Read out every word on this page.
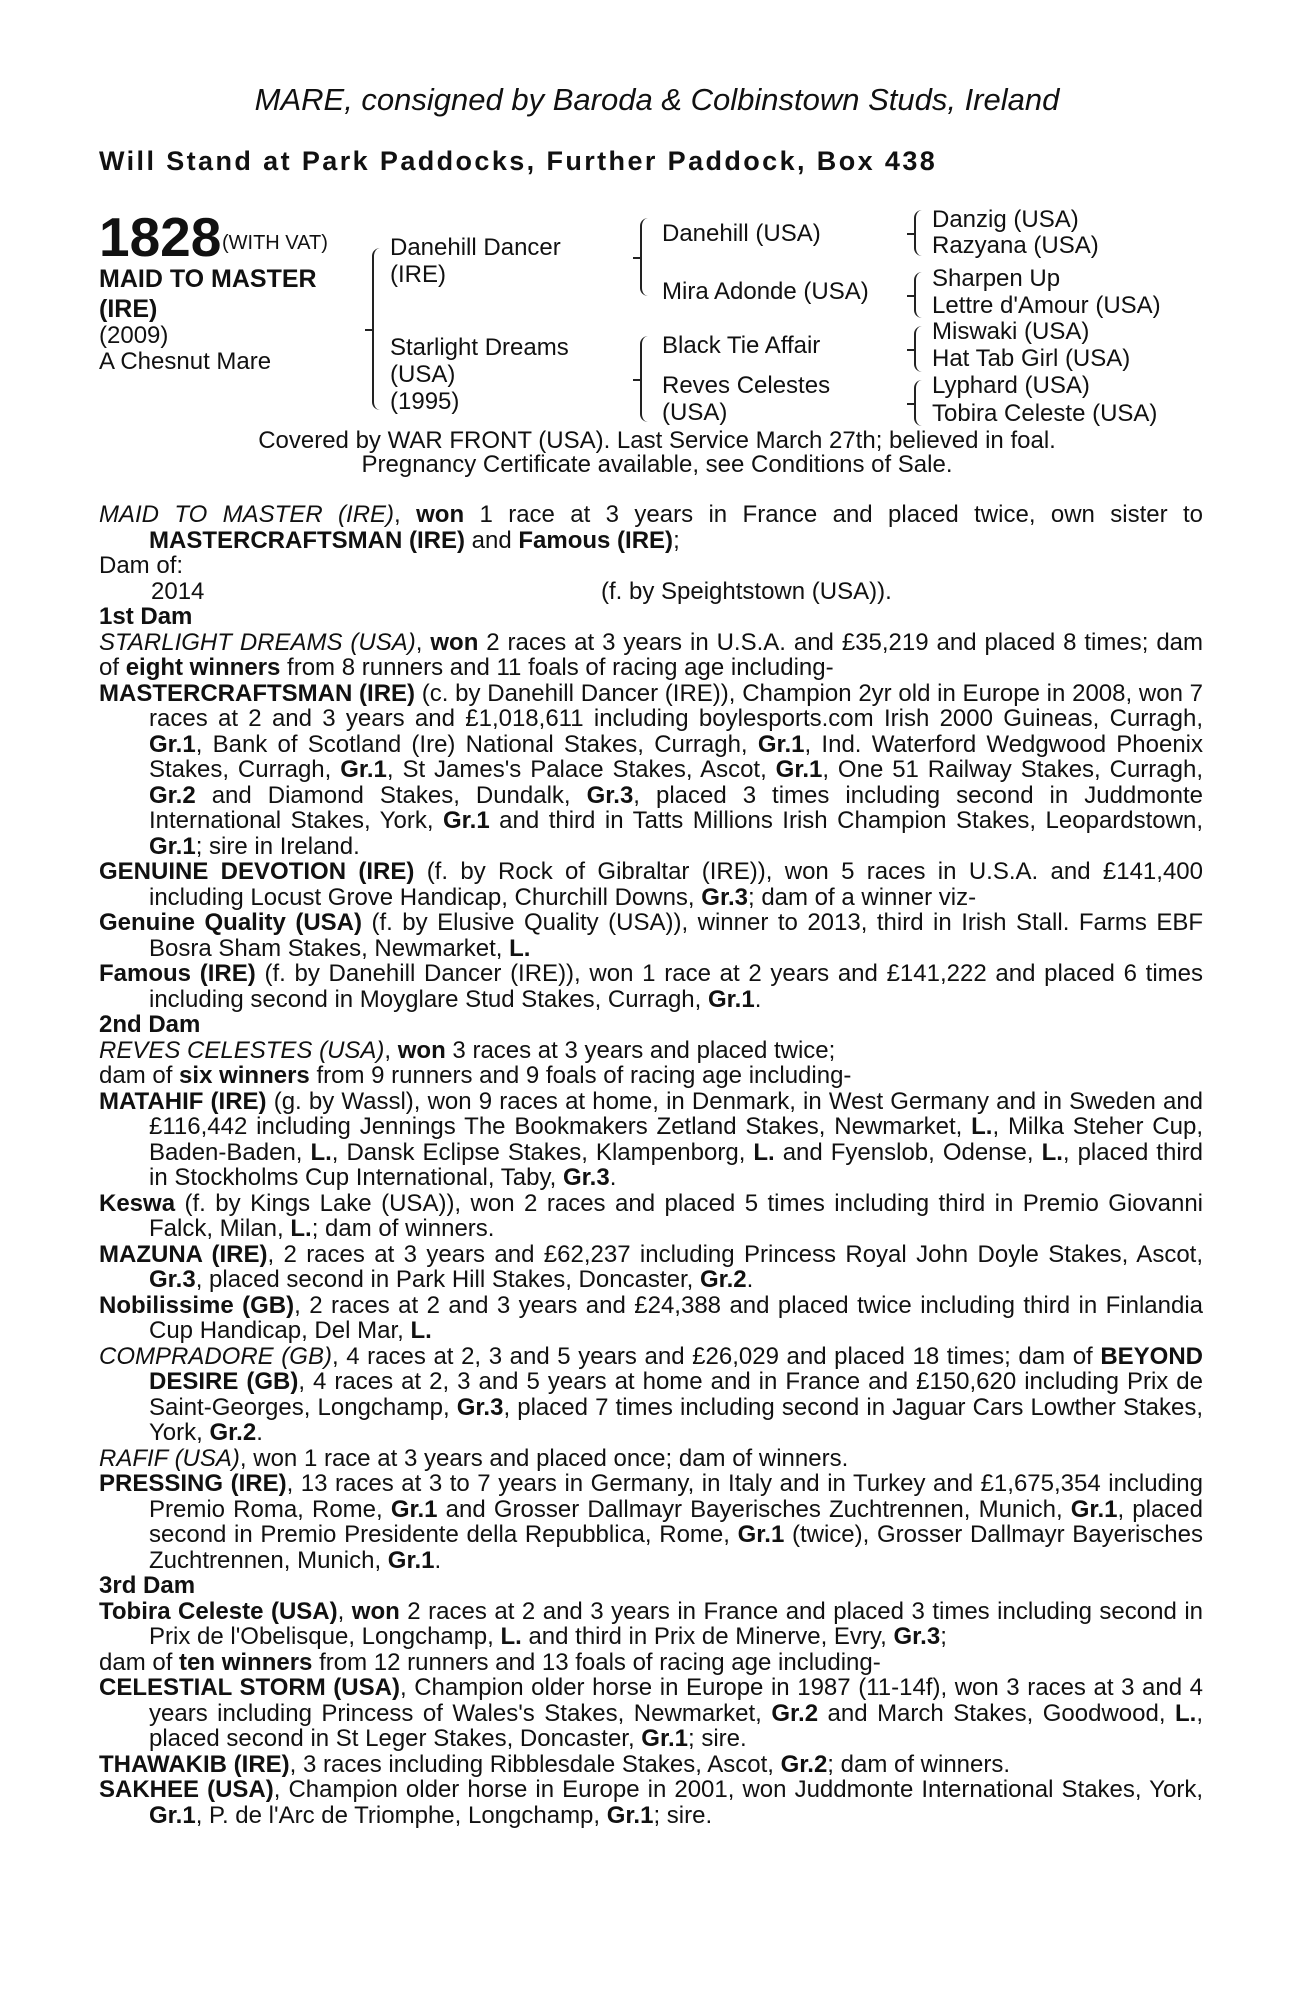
MARE, consigned by Baroda & Colbinstown Studs, Ireland
Will Stand at Park Paddocks, Further Paddock, Box 438
1828 (WITH VAT)
MAID TO MASTER
(IRE)
(2009)
A Chesnut Mare
Danehill Dancer
(IRE)
Starlight Dreams
(USA)
(1995)
Danehill (USA)
Mira Adonde (USA)
Black Tie Affair
Reves Celestes
(USA)
Danzig (USA)
Razyana (USA)
Sharpen Up
Lettre d'Amour (USA)
Miswaki (USA)
Hat Tab Girl (USA)
Lyphard (USA)
Tobira Celeste (USA)
Covered by WAR FRONT (USA). Last Service March 27th; believed in foal.
Pregnancy Certificate available, see Conditions of Sale.

MAID TO MASTER (IRE), won 1 race at 3 years in France and placed twice, own sister to MASTERCRAFTSMAN (IRE) and Famous (IRE);

Dam of:

2014	(f. by Speightstown (USA)).

1st Dam

STARLIGHT DREAMS (USA), won 2 races at 3 years in U.S.A. and £35,219 and placed 8 times; dam of eight winners from 8 runners and 11 foals of racing age including-

MASTERCRAFTSMAN (IRE) (c. by Danehill Dancer (IRE)), Champion 2yr old in Europe in 2008, won 7 races at 2 and 3 years and £1,018,611 including boylesports.com Irish 2000 Guineas, Curragh, Gr.1, Bank of Scotland (Ire) National Stakes, Curragh, Gr.1, Ind. Waterford Wedgwood Phoenix Stakes, Curragh, Gr.1, St James's Palace Stakes, Ascot, Gr.1, One 51 Railway Stakes, Curragh, Gr.2 and Diamond Stakes, Dundalk, Gr.3, placed 3 times including second in Juddmonte International Stakes, York, Gr.1 and third in Tatts Millions Irish Champion Stakes, Leopardstown, Gr.1; sire in Ireland.

GENUINE DEVOTION (IRE) (f. by Rock of Gibraltar (IRE)), won 5 races in U.S.A. and £141,400 including Locust Grove Handicap, Churchill Downs, Gr.3; dam of a winner viz-

Genuine Quality (USA) (f. by Elusive Quality (USA)), winner to 2013, third in Irish Stall. Farms EBF Bosra Sham Stakes, Newmarket, L.

Famous (IRE) (f. by Danehill Dancer (IRE)), won 1 race at 2 years and £141,222 and placed 6 times including second in Moyglare Stud Stakes, Curragh, Gr.1.

2nd Dam

REVES CELESTES (USA), won 3 races at 3 years and placed twice;
dam of six winners from 9 runners and 9 foals of racing age including-

MATAHIF (IRE) (g. by Wassl), won 9 races at home, in Denmark, in West Germany and in Sweden and £116,442 including Jennings The Bookmakers Zetland Stakes, Newmarket, L., Milka Steher Cup, Baden-Baden, L., Dansk Eclipse Stakes, Klampenborg, L. and Fyenslob, Odense, L., placed third in Stockholms Cup International, Taby, Gr.3.

Keswa (f. by Kings Lake (USA)), won 2 races and placed 5 times including third in Premio Giovanni Falck, Milan, L.; dam of winners.

MAZUNA (IRE), 2 races at 3 years and £62,237 including Princess Royal John Doyle Stakes, Ascot, Gr.3, placed second in Park Hill Stakes, Doncaster, Gr.2.

Nobilissime (GB), 2 races at 2 and 3 years and £24,388 and placed twice including third in Finlandia Cup Handicap, Del Mar, L.

COMPRADORE (GB), 4 races at 2, 3 and 5 years and £26,029 and placed 18 times; dam of BEYOND DESIRE (GB), 4 races at 2, 3 and 5 years at home and in France and £150,620 including Prix de Saint-Georges, Longchamp, Gr.3, placed 7 times including second in Jaguar Cars Lowther Stakes, York, Gr.2.

RAFIF (USA), won 1 race at 3 years and placed once; dam of winners.

PRESSING (IRE), 13 races at 3 to 7 years in Germany, in Italy and in Turkey and £1,675,354 including Premio Roma, Rome, Gr.1 and Grosser Dallmayr Bayerisches Zuchtrennen, Munich, Gr.1, placed second in Premio Presidente della Repubblica, Rome, Gr.1 (twice), Grosser Dallmayr Bayerisches Zuchtrennen, Munich, Gr.1.

3rd Dam

Tobira Celeste (USA), won 2 races at 2 and 3 years in France and placed 3 times including second in Prix de l'Obelisque, Longchamp, L. and third in Prix de Minerve, Evry, Gr.3;

dam of ten winners from 12 runners and 13 foals of racing age including-

CELESTIAL STORM (USA), Champion older horse in Europe in 1987 (11-14f), won 3 races at 3 and 4 years including Princess of Wales's Stakes, Newmarket, Gr.2 and March Stakes, Goodwood, L., placed second in St Leger Stakes, Doncaster, Gr.1; sire.

THAWAKIB (IRE), 3 races including Ribblesdale Stakes, Ascot, Gr.2; dam of winners.

SAKHEE (USA), Champion older horse in Europe in 2001, won Juddmonte International Stakes, York, Gr.1, P. de l'Arc de Triomphe, Longchamp, Gr.1; sire.
